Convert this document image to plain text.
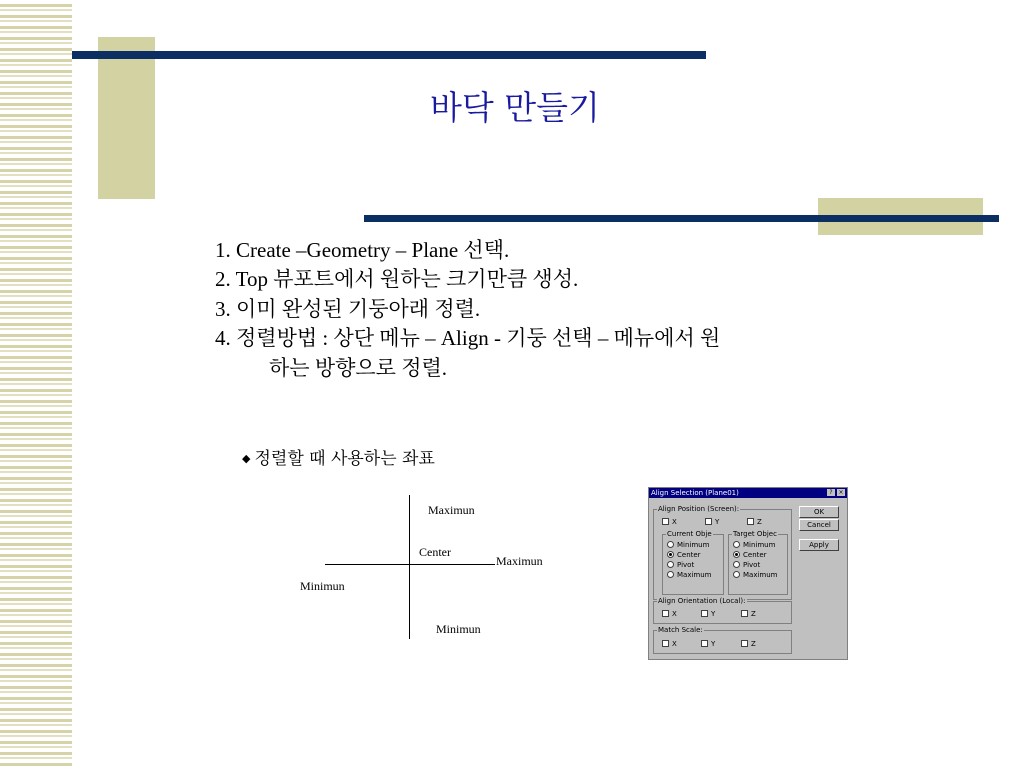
바닥 만들기
1. Create –Geometry – Plane 선택.
2. Top 뷰포트에서 원하는 크기만큼 생성.
3. 이미 완성된 기둥아래 정렬.
4. 정렬방법 : 상단 메뉴 – Align - 기둥 선택 – 메뉴에서 원
하는 방향으로 정렬.
◆ 정렬할 때 사용하는 좌표
Maximun
Center
Maximun
Minimun
Minimun
Align Selection (Plane01)	? ×
Align Position (Screen):
X	Y	Z
Current Obje
Minimum
Center
Pivot
Maximum
Target Objec
Minimum
Center
Pivot
Maximum
OK
Cancel
Apply
Align Orientation (Local):
X	Y	Z
Match Scale:
X	Y	Z
